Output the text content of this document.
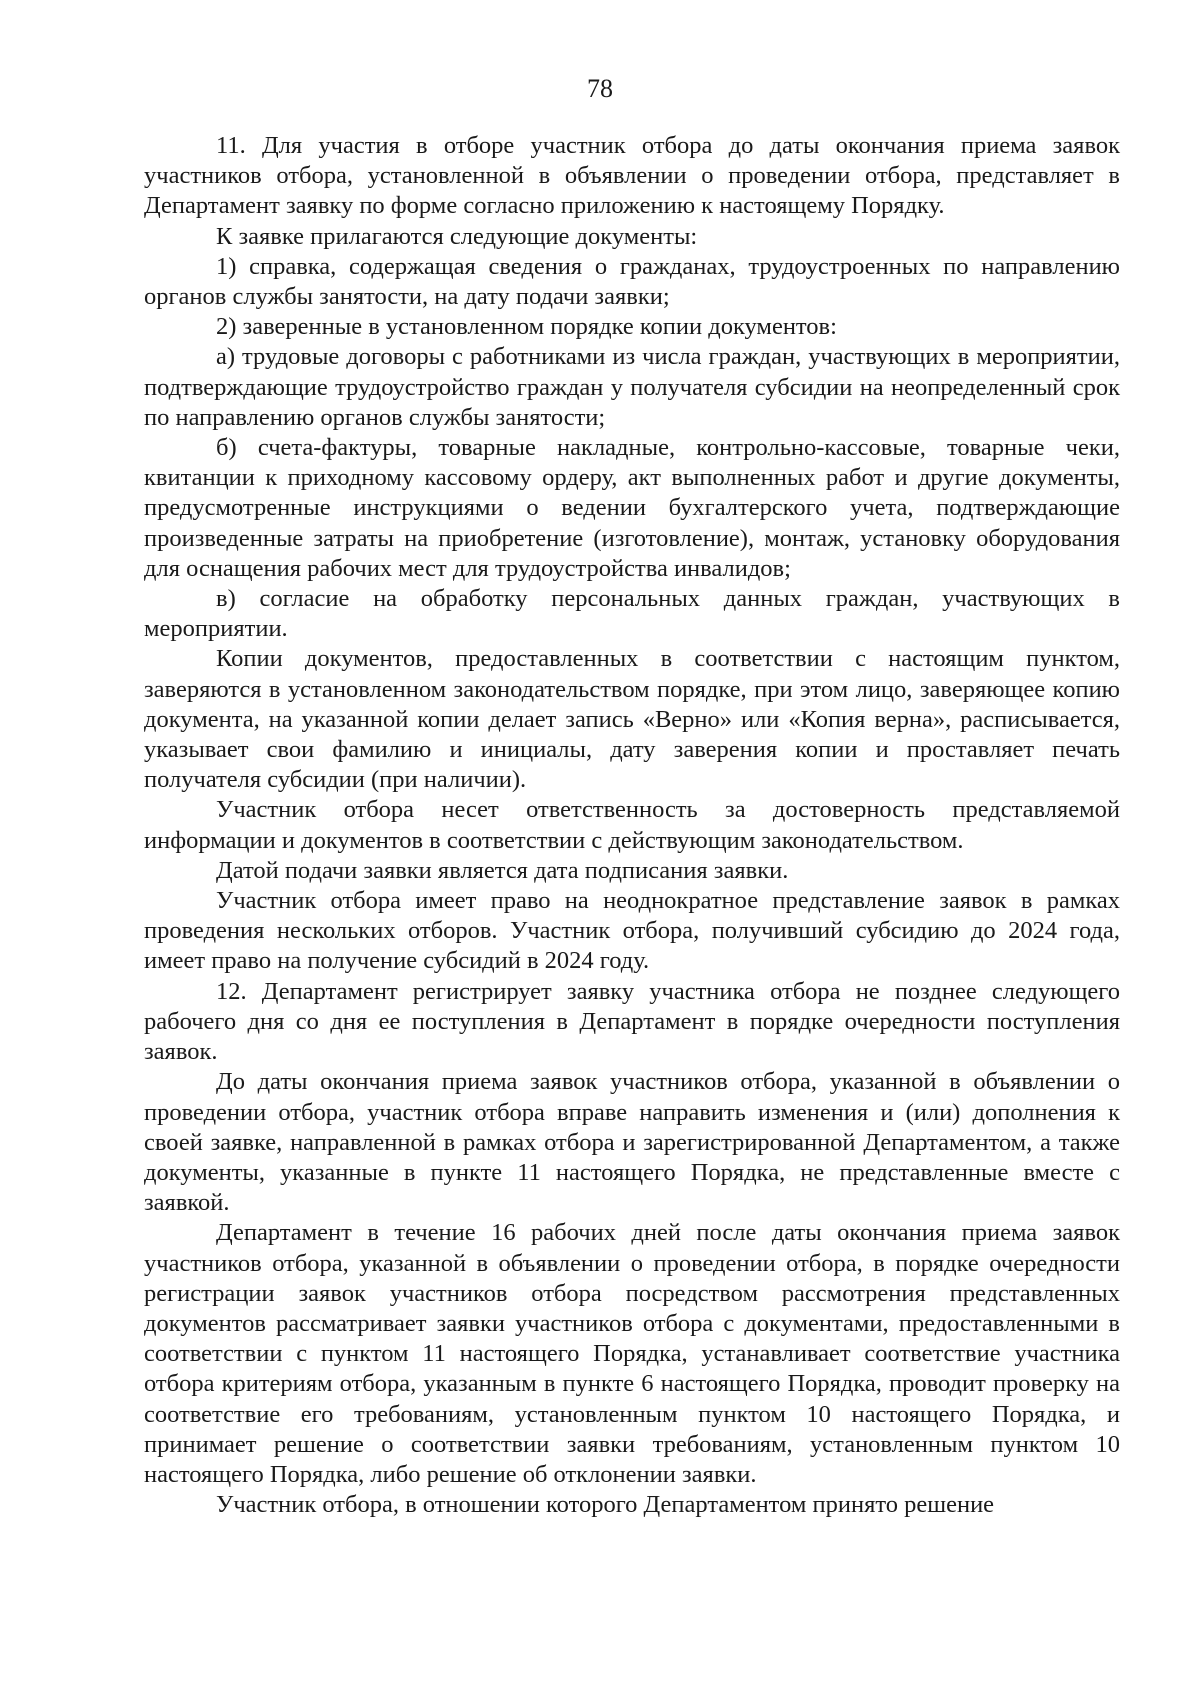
78

11. Для участия в отборе участник отбора до даты окончания приема заявок участников отбора, установленной в объявлении о проведении отбора, представляет в Департамент заявку по форме согласно приложению к настоящему Порядку.

К заявке прилагаются следующие документы:

1) справка, содержащая сведения о гражданах, трудоустроенных по направлению органов службы занятости, на дату подачи заявки;

2) заверенные в установленном порядке копии документов:

а) трудовые договоры с работниками из числа граждан, участвующих в мероприятии, подтверждающие трудоустройство граждан у получателя субсидии на неопределенный срок по направлению органов службы занятости;

б) счета-фактуры, товарные накладные, контрольно-кассовые, товарные чеки, квитанции к приходному кассовому ордеру, акт выполненных работ и другие документы, предусмотренные инструкциями о ведении бухгалтерского учета, подтверждающие произведенные затраты на приобретение (изготовление), монтаж, установку оборудования для оснащения рабочих мест для трудоустройства инвалидов;

в) согласие на обработку персональных данных граждан, участвующих в мероприятии.

Копии документов, предоставленных в соответствии с настоящим пунктом, заверяются в установленном законодательством порядке, при этом лицо, заверяющее копию документа, на указанной копии делает запись «Верно» или «Копия верна», расписывается, указывает свои фамилию и инициалы, дату заверения копии и проставляет печать получателя субсидии (при наличии).

Участник отбора несет ответственность за достоверность представляемой информации и документов в соответствии с действующим законодательством.

Датой подачи заявки является дата подписания заявки.

Участник отбора имеет право на неоднократное представление заявок в рамках проведения нескольких отборов. Участник отбора, получивший субсидию до 2024 года, имеет право на получение субсидий в 2024 году.

12. Департамент регистрирует заявку участника отбора не позднее следующего рабочего дня со дня ее поступления в Департамент в порядке очередности поступления заявок.

До даты окончания приема заявок участников отбора, указанной в объявлении о проведении отбора, участник отбора вправе направить изменения и (или) дополнения к своей заявке, направленной в рамках отбора и зарегистрированной Департаментом, а также документы, указанные в пункте 11 настоящего Порядка, не представленные вместе с заявкой.

Департамент в течение 16 рабочих дней после даты окончания приема заявок участников отбора, указанной в объявлении о проведении отбора, в порядке очередности регистрации заявок участников отбора посредством рассмотрения представленных документов рассматривает заявки участников отбора с документами, предоставленными в соответствии с пунктом 11 настоящего Порядка, устанавливает соответствие участника отбора критериям отбора, указанным в пункте 6 настоящего Порядка, проводит проверку на соответствие его требованиям, установленным пунктом 10 настоящего Порядка, и принимает решение о соответствии заявки требованиям, установленным пунктом 10 настоящего Порядка, либо решение об отклонении заявки.

Участник отбора, в отношении которого Департаментом принято решение
